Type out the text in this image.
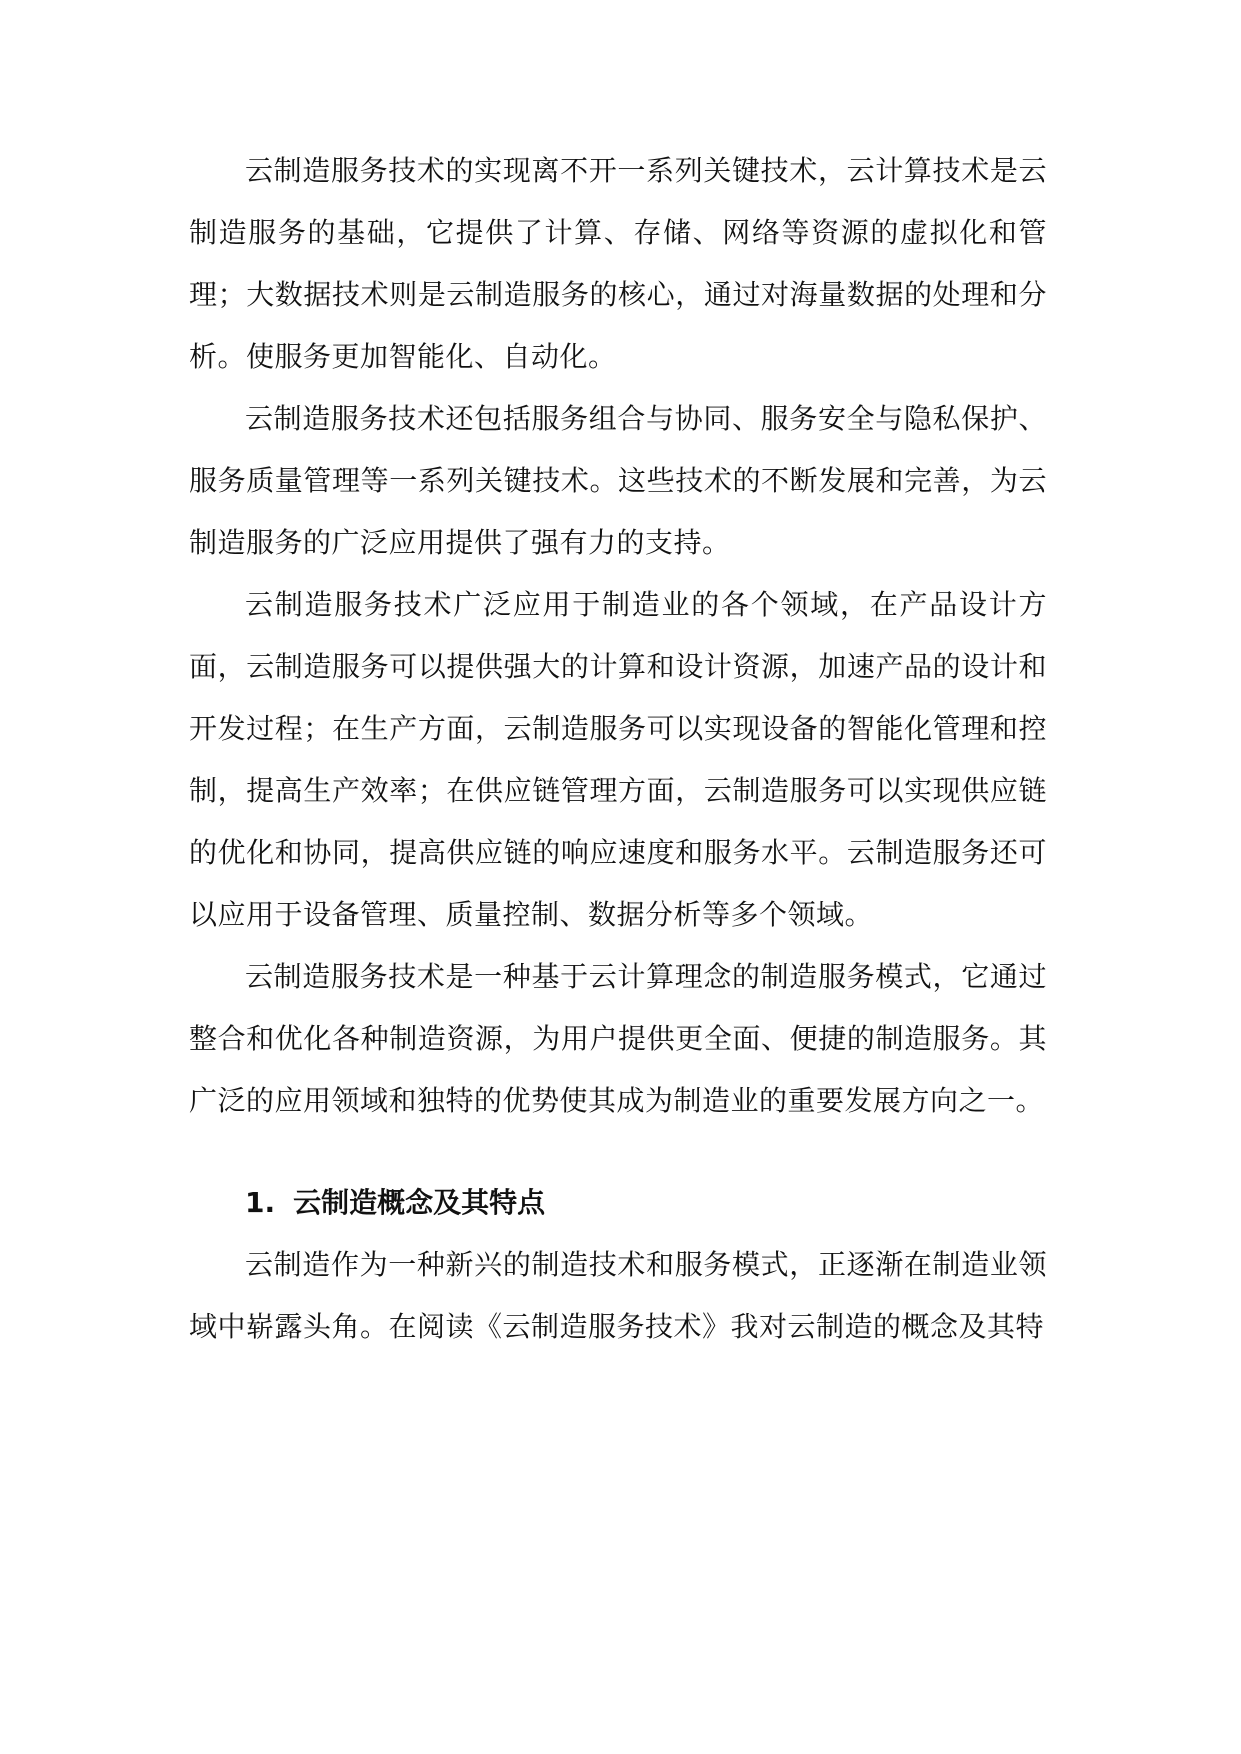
云制造服务技术的实现离不开一系列关键技术，云计算技术是云制造服务的基础，它提供了计算、存储、网络等资源的虚拟化和管理；大数据技术则是云制造服务的核心，通过对海量数据的处理和分析。使服务更加智能化、自动化。

云制造服务技术还包括服务组合与协同、服务安全与隐私保护、服务质量管理等一系列关键技术。这些技术的不断发展和完善，为云制造服务的广泛应用提供了强有力的支持。

云制造服务技术广泛应用于制造业的各个领域，在产品设计方面，云制造服务可以提供强大的计算和设计资源，加速产品的设计和开发过程；在生产方面，云制造服务可以实现设备的智能化管理和控制，提高生产效率；在供应链管理方面，云制造服务可以实现供应链的优化和协同，提高供应链的响应速度和服务水平。云制造服务还可以应用于设备管理、质量控制、数据分析等多个领域。

云制造服务技术是一种基于云计算理念的制造服务模式，它通过整合和优化各种制造资源，为用户提供更全面、便捷的制造服务。其广泛的应用领域和独特的优势使其成为制造业的重要发展方向之一。

1. 云制造概念及其特点

云制造作为一种新兴的制造技术和服务模式，正逐渐在制造业领域中崭露头角。在阅读《云制造服务技术》我对云制造的概念及其特
